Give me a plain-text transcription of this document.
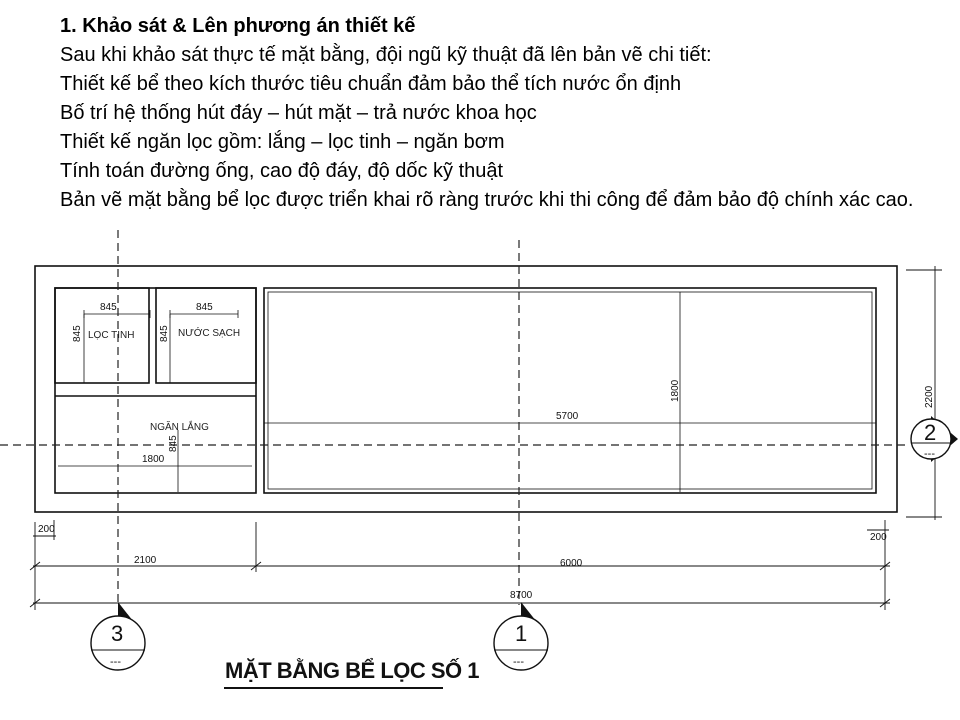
1. Khảo sát & Lên phương án thiết kế

Sau khi khảo sát thực tế mặt bằng, đội ngũ kỹ thuật đã lên bản vẽ chi tiết:

Thiết kế bể theo kích thước tiêu chuẩn đảm bảo thể tích nước ổn định

Bố trí hệ thống hút đáy – hút mặt – trả nước khoa học

Thiết kế ngăn lọc gồm: lắng – lọc tinh – ngăn bơm

Tính toán đường ống, cao độ đáy, độ dốc kỹ thuật

Bản vẽ mặt bằng bể lọc được triển khai rõ ràng trước khi thi công để đảm bảo độ chính xác cao.

845	845
845	845
LỌC TINH	NƯỚC SẠCH
NGĂN LẮNG
845
1800
5700
1800	2200
2
---
200
200
2100	6000
8700
3
---
1
---
MẶT BẰNG BỂ LỌC SỐ 1
